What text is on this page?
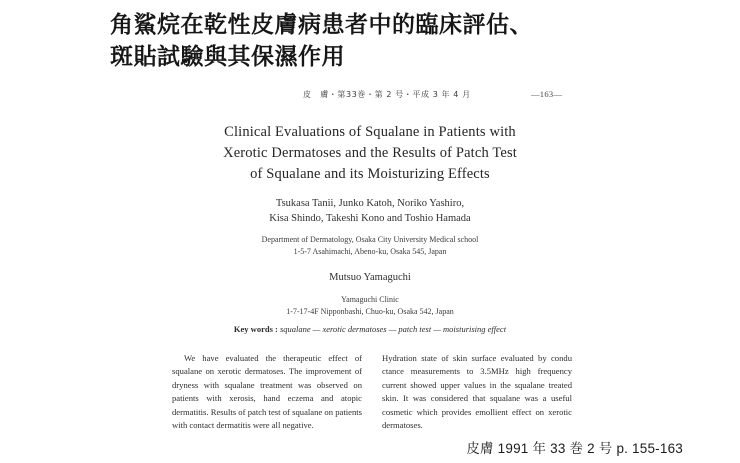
角鯊烷在乾性皮膚病患者中的臨床評估、
斑貼試驗與其保濕作用
皮　膚・第33巻・第 2 号・平成 3 年 4 月	—163—
Clinical Evaluations of Squalane in Patients with
Xerotic Dermatoses and the Results of Patch Test
of Squalane and its Moisturizing Effects
Tsukasa Tanii, Junko Katoh, Noriko Yashiro,
Kisa Shindo, Takeshi Kono and Toshio Hamada
Department of Dermatology, Osaka City University Medical school
1-5-7 Asahimachi, Abeno-ku, Osaka 545, Japan
Mutsuo Yamaguchi
Yamaguchi Clinic
1-7-17-4F Nipponbashi, Chuo-ku, Osaka 542, Japan
Key words : squalane — xerotic dermatoses — patch test — moisturising effect
We have evaluated the therapeutic effect of squalane on xerotic dermatoses. The improvement of dryness with squalane treatment was observed on patients with xerosis, hand eczema and atopic dermatitis. Results of patch test of squalane on patients with contact dermatitis were all negative.
Hydration state of skin surface evaluated by condu ctance measurements to 3.5MHz high frequency current showed upper values in the squalane treated skin. It was considered that squalane was a useful cosmetic which provides emollient effect on xerotic dermatoses.
皮膚 1991 年 33 巻 2 号 p. 155-163
